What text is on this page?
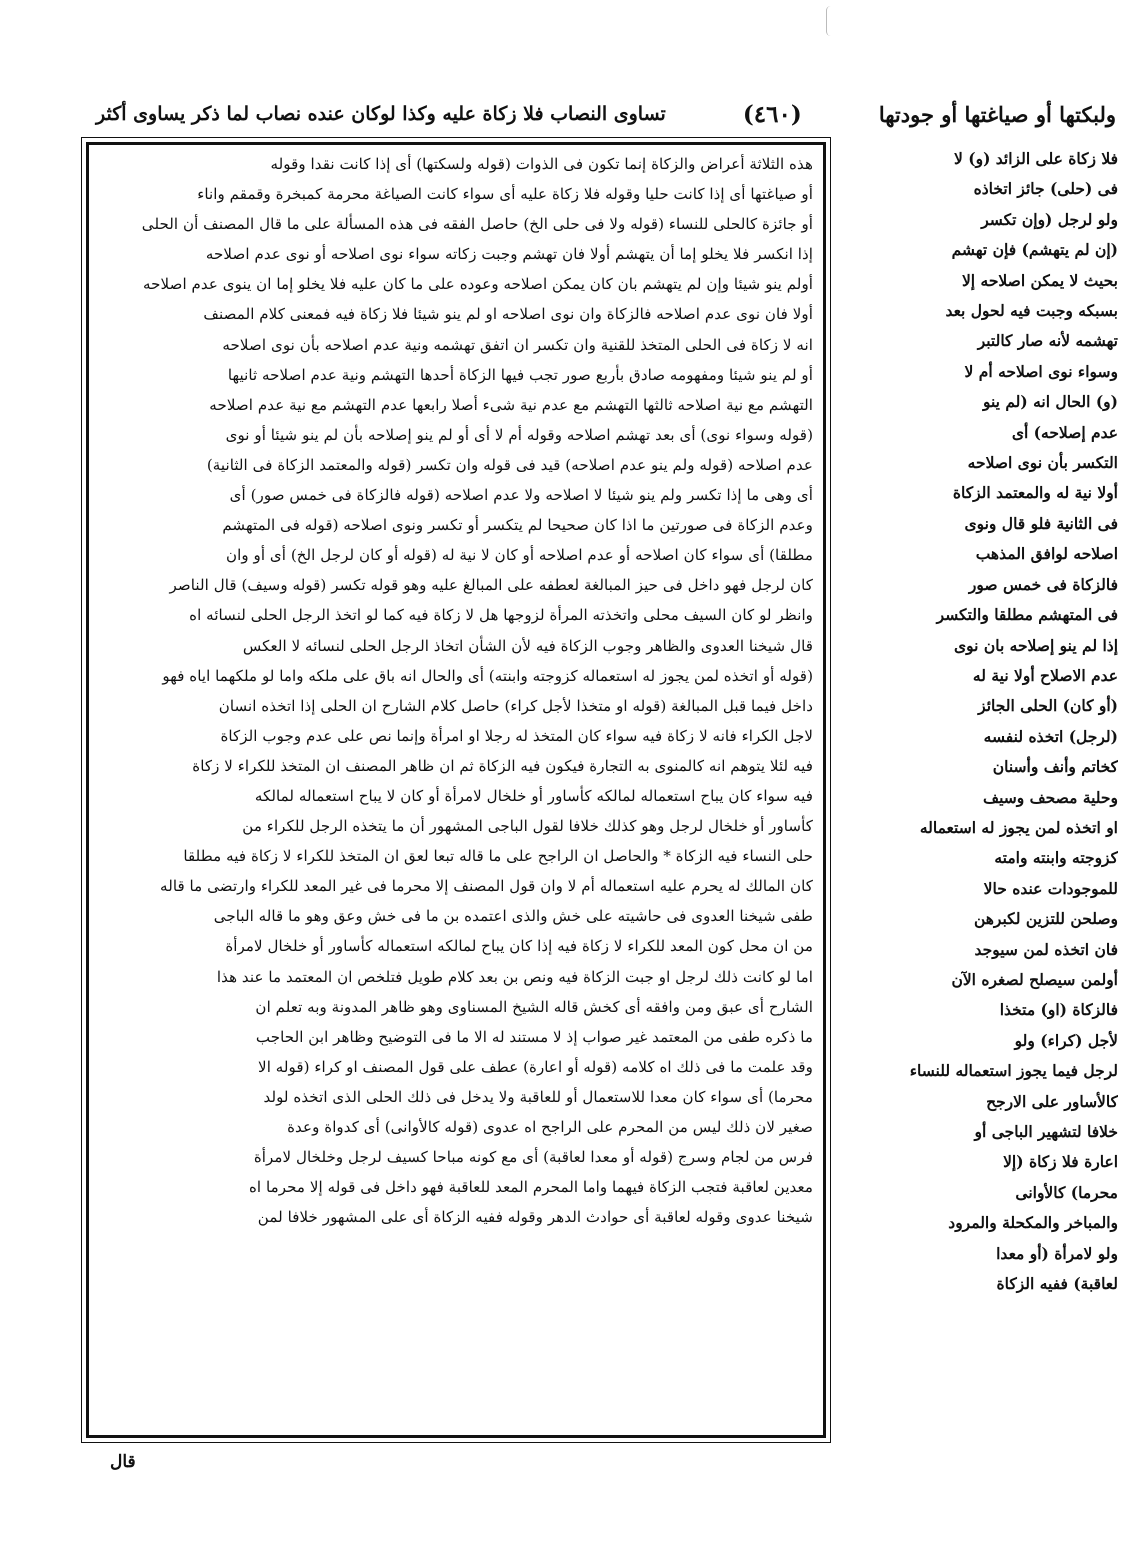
ولبكتها أو صياغتها أو جودتها
(٤٦٠)
تساوى النصاب فلا زكاة عليه وكذا لوكان عنده نصاب لما ذكر يساوى أكثر
فلا زكاة على الزائد (و) لا
فى (حلى) جائز اتخاذه
ولو لرجل (وإن تكسر
(إن لم يتهشم) فإن تهشم
بحيث لا يمكن اصلاحه إلا
بسبكه وجبت فيه لحول بعد
تهشمه لأنه صار كالتبر
وسواء نوى اصلاحه أم لا
(و) الحال انه (لم ينو
عدم إصلاحه) أى
التكسر بأن نوى اصلاحه
أولا نية له والمعتمد الزكاة
فى الثانية فلو قال ونوى
اصلاحه لوافق المذهب
فالزكاة فى خمس صور
فى المتهشم مطلقا والتكسر
إذا لم ينو إصلاحه بان نوى
عدم الاصلاح أولا نية له
(أو كان) الحلى الجائز
(لرجل) اتخذه لنفسه
كخاتم وأنف وأسنان
وحلية مصحف وسيف
او اتخذه لمن يجوز له استعماله
كزوجته وابنته وامته
للموجودات عنده حالا
وصلحن للتزين لكبرهن
فان اتخذه لمن سيوجد
أولمن سيصلح لصغره الآن
فالزكاة (او) متخذا
لأجل (كراء) ولو
لرجل فيما يجوز استعماله للنساء
كالأساور على الارجح
خلافا لتشهير الباجى أو
اعارة فلا زكاة (إلا
محرما) كالأوانى
والمباخر والمكحلة والمرود
ولو لامرأة (أو معدا
لعاقبة) ففيه الزكاة
هذه الثلاثة أعراض والزكاة إنما تكون فى الذوات (قوله ولسكتها) أى إذا كانت نقدا وقوله
أو صياغتها أى إذا كانت حليا وقوله فلا زكاة عليه أى سواء كانت الصياغة محرمة كمبخرة وقمقم واناء
أو جائزة كالحلى للنساء (قوله ولا فى حلى الخ) حاصل الفقه فى هذه المسألة على ما قال المصنف أن الحلى
إذا انكسر فلا يخلو إما أن يتهشم أولا فان تهشم وجبت زكاته سواء نوى اصلاحه أو نوى عدم اصلاحه
أولم ينو شيئا وإن لم يتهشم بان كان يمكن اصلاحه وعوده على ما كان عليه فلا يخلو إما ان ينوى عدم اصلاحه
أولا فان نوى عدم اصلاحه فالزكاة وان نوى اصلاحه او لم ينو شيئا فلا زكاة فيه فمعنى كلام المصنف
انه لا زكاة فى الحلى المتخذ للقنية وان تكسر ان اتفق تهشمه ونية عدم اصلاحه بأن نوى اصلاحه
أو لم ينو شيئا ومفهومه صادق بأربع صور تجب فيها الزكاة أحدها التهشم ونية عدم اصلاحه ثانيها
التهشم مع نية اصلاحه ثالثها التهشم مع عدم نية شىء أصلا رابعها عدم التهشم مع نية عدم اصلاحه
(قوله وسواء نوى) أى بعد تهشم اصلاحه وقوله أم لا أى أو لم ينو إصلاحه بأن لم ينو شيئا أو نوى
عدم اصلاحه (قوله ولم ينو عدم اصلاحه) قيد فى قوله وان تكسر (قوله والمعتمد الزكاة فى الثانية)
أى وهى ما إذا تكسر ولم ينو شيئا لا اصلاحه ولا عدم اصلاحه (قوله فالزكاة فى خمس صور) أى
وعدم الزكاة فى صورتين ما اذا كان صحيحا لم يتكسر أو تكسر ونوى اصلاحه (قوله فى المتهشم
مطلقا) أى سواء كان اصلاحه أو عدم اصلاحه أو كان لا نية له (قوله أو كان لرجل الخ) أى أو وان
كان لرجل فهو داخل فى حيز المبالغة لعطفه على المبالغ عليه وهو قوله تكسر (قوله وسيف) قال الناصر
وانظر لو كان السيف محلى واتخذته المرأة لزوجها هل لا زكاة فيه كما لو اتخذ الرجل الحلى لنسائه اه
قال شيخنا العدوى والظاهر وجوب الزكاة فيه لأن الشأن اتخاذ الرجل الحلى لنسائه لا العكس
(قوله أو اتخذه لمن يجوز له استعماله كزوجته وابنته) أى والحال انه باق على ملكه واما لو ملكهما اياه فهو
داخل فيما قبل المبالغة (قوله او متخذا لأجل كراء) حاصل كلام الشارح ان الحلى إذا اتخذه انسان
لاجل الكراء فانه لا زكاة فيه سواء كان المتخذ له رجلا او امرأة وإنما نص على عدم وجوب الزكاة
فيه لئلا يتوهم انه كالمنوى به التجارة فيكون فيه الزكاة ثم ان ظاهر المصنف ان المتخذ للكراء لا زكاة
فيه سواء كان يباح استعماله لمالكه كأساور أو خلخال لامرأة أو كان لا يباح استعماله لمالكه
كأساور أو خلخال لرجل وهو كذلك خلافا لقول الباجى المشهور أن ما يتخذه الرجل للكراء من
حلى النساء فيه الزكاة * والحاصل ان الراجح على ما قاله تبعا لعق ان المتخذ للكراء لا زكاة فيه مطلقا
كان المالك له يحرم عليه استعماله أم لا وان قول المصنف إلا محرما فى غير المعد للكراء وارتضى ما قاله
طفى شيخنا العدوى فى حاشيته على خش والذى اعتمده بن ما فى خش وعق وهو ما قاله الباجى
من ان محل كون المعد للكراء لا زكاة فيه إذا كان يباح لمالكه استعماله كأساور أو خلخال لامرأة
اما لو كانت ذلك لرجل او جبت الزكاة فيه ونص بن بعد كلام طويل فتلخص ان المعتمد ما عند هذا
الشارح أى عبق ومن وافقه أى كخش قاله الشيخ المسناوى وهو ظاهر المدونة وبه تعلم ان
ما ذكره طفى من المعتمد غير صواب إذ لا مستند له الا ما فى التوضيح وظاهر ابن الحاجب
وقد علمت ما فى ذلك اه كلامه (قوله أو اعارة) عطف على قول المصنف او كراء (قوله الا
محرما) أى سواء كان معدا للاستعمال أو للعاقبة ولا يدخل فى ذلك الحلى الذى اتخذه لولد
صغير لان ذلك ليس من المحرم على الراجح اه عدوى (قوله كالأوانى) أى كدواة وعدة
فرس من لجام وسرج (قوله أو معدا لعاقبة) أى مع كونه مباحا كسيف لرجل وخلخال لامرأة
معدين لعاقبة فتجب الزكاة فيهما واما المحرم المعد للعاقبة فهو داخل فى قوله إلا محرما اه
شيخنا عدوى وقوله لعاقبة أى حوادث الدهر وقوله ففيه الزكاة أى على المشهور خلافا لمن
قال
